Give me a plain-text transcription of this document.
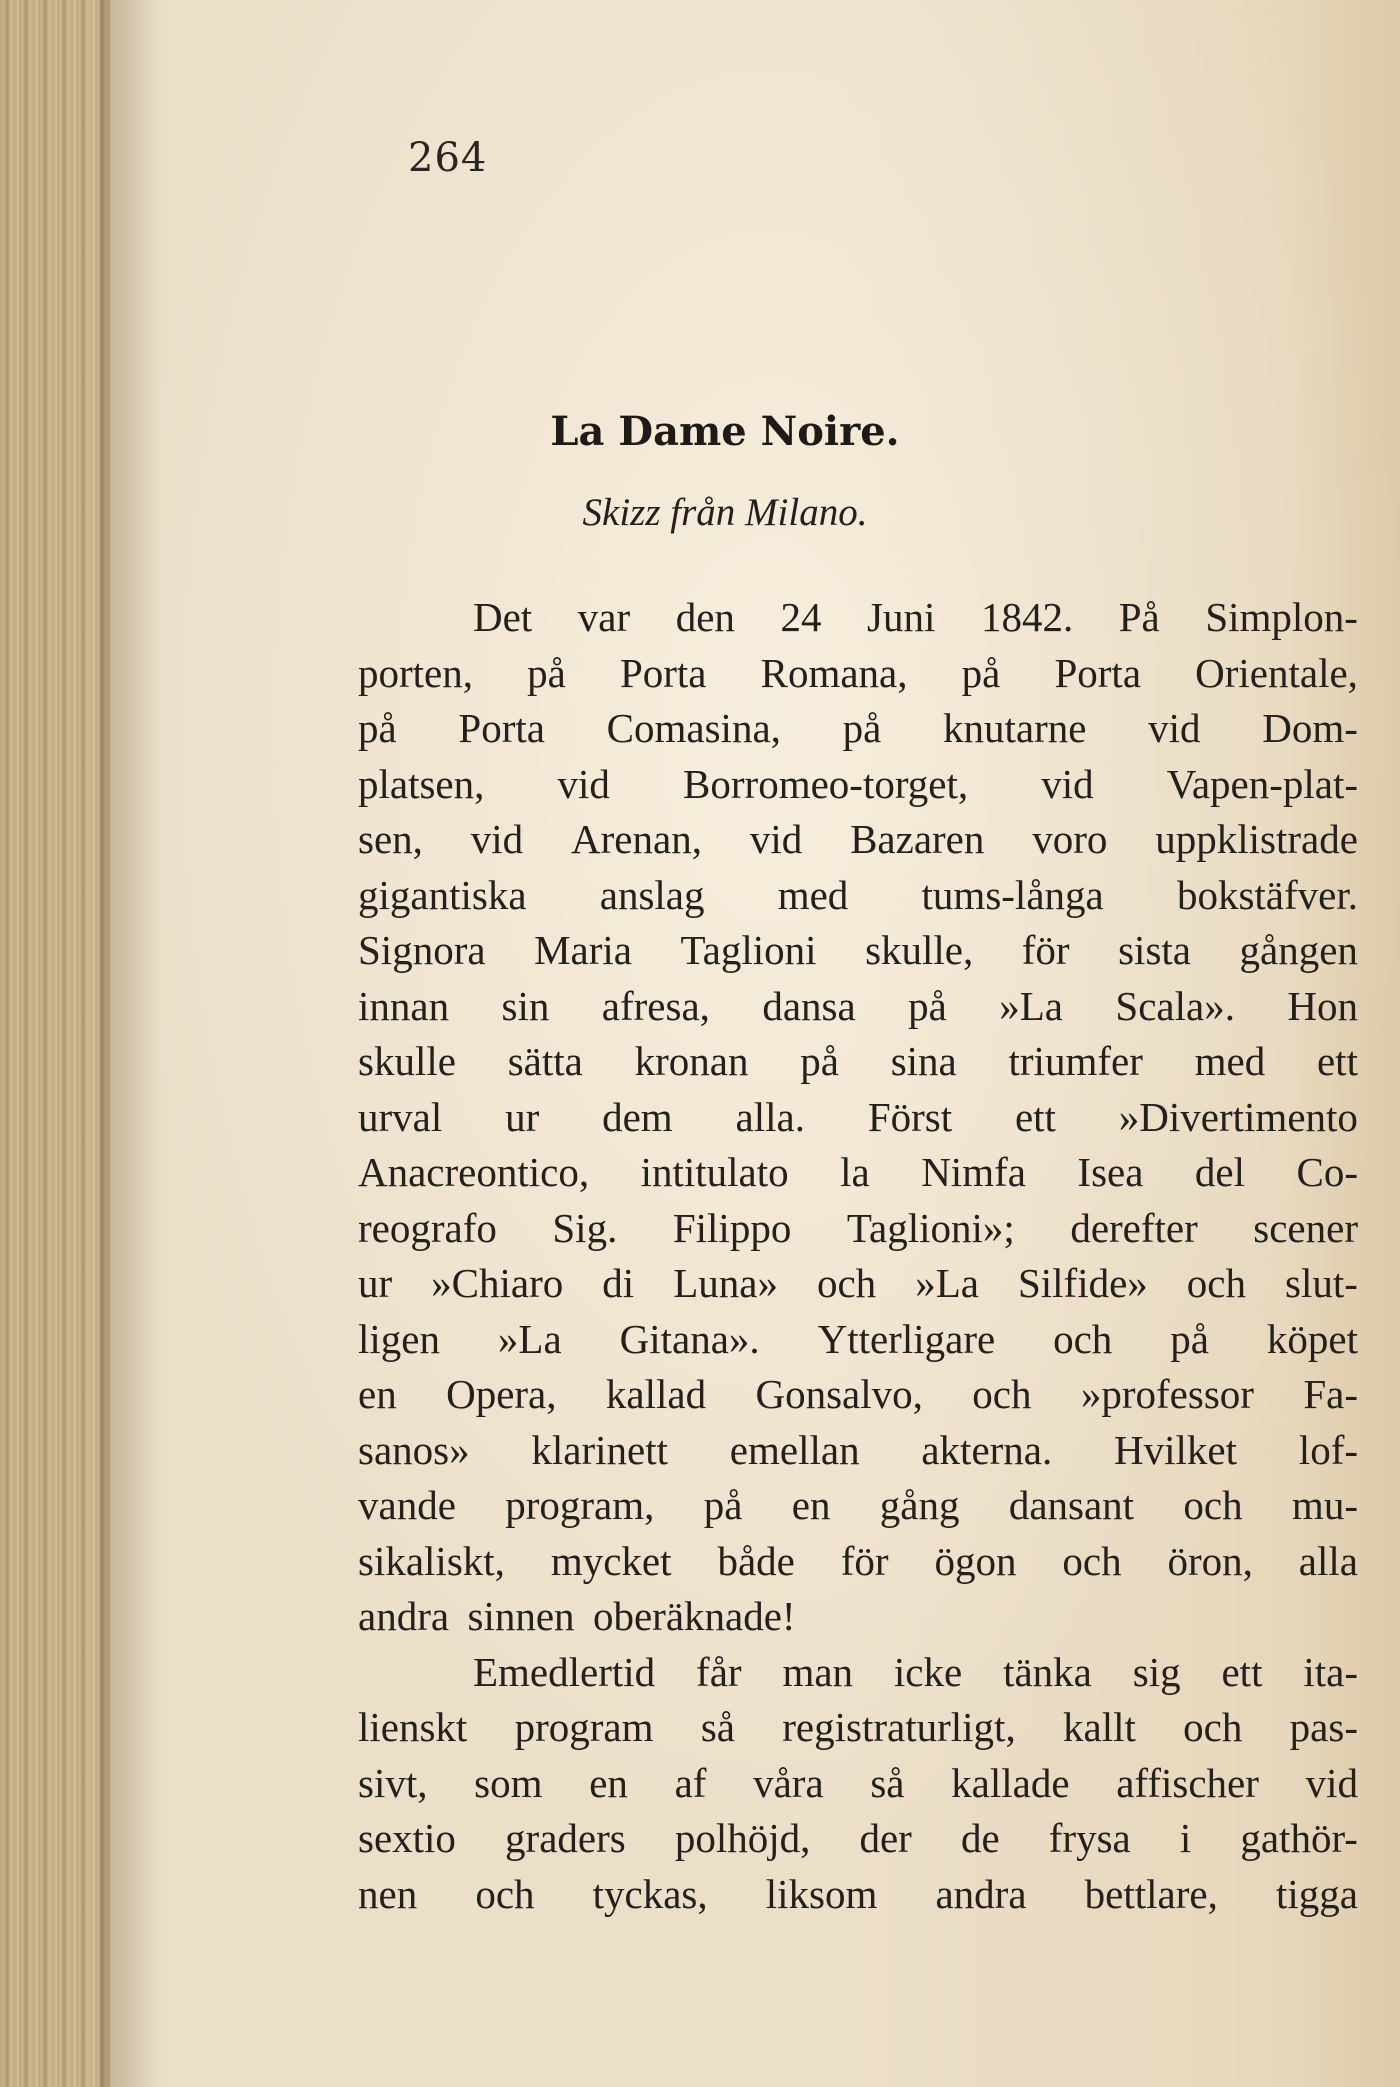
264
La Dame Noire.
Skizz från Milano.
Det var den 24 Juni 1842. På Simplon-
porten, på Porta Romana, på Porta Orientale,
på Porta Comasina, på knutarne vid Dom-
platsen, vid Borromeo-torget, vid Vapen-plat-
sen, vid Arenan, vid Bazaren voro uppklistrade
gigantiska anslag med tums-långa bokstäfver.
Signora Maria Taglioni skulle, för sista gången
innan sin afresa, dansa på »La Scala». Hon
skulle sätta kronan på sina triumfer med ett
urval ur dem alla. Först ett »Divertimento
Anacreontico, intitulato la Nimfa Isea del Co-
reografo Sig. Filippo Taglioni»; derefter scener
ur »Chiaro di Luna» och »La Silfide» och slut-
ligen »La Gitana». Ytterligare och på köpet
en Opera, kallad Gonsalvo, och »professor Fa-
sanos» klarinett emellan akterna. Hvilket lof-
vande program, på en gång dansant och mu-
sikaliskt, mycket både för ögon och öron, alla
andra sinnen oberäknade!
Emedlertid får man icke tänka sig ett ita-
lienskt program så registraturligt, kallt och pas-
sivt, som en af våra så kallade affischer vid
sextio graders polhöjd, der de frysa i gathör-
nen och tyckas, liksom andra bettlare, tigga
